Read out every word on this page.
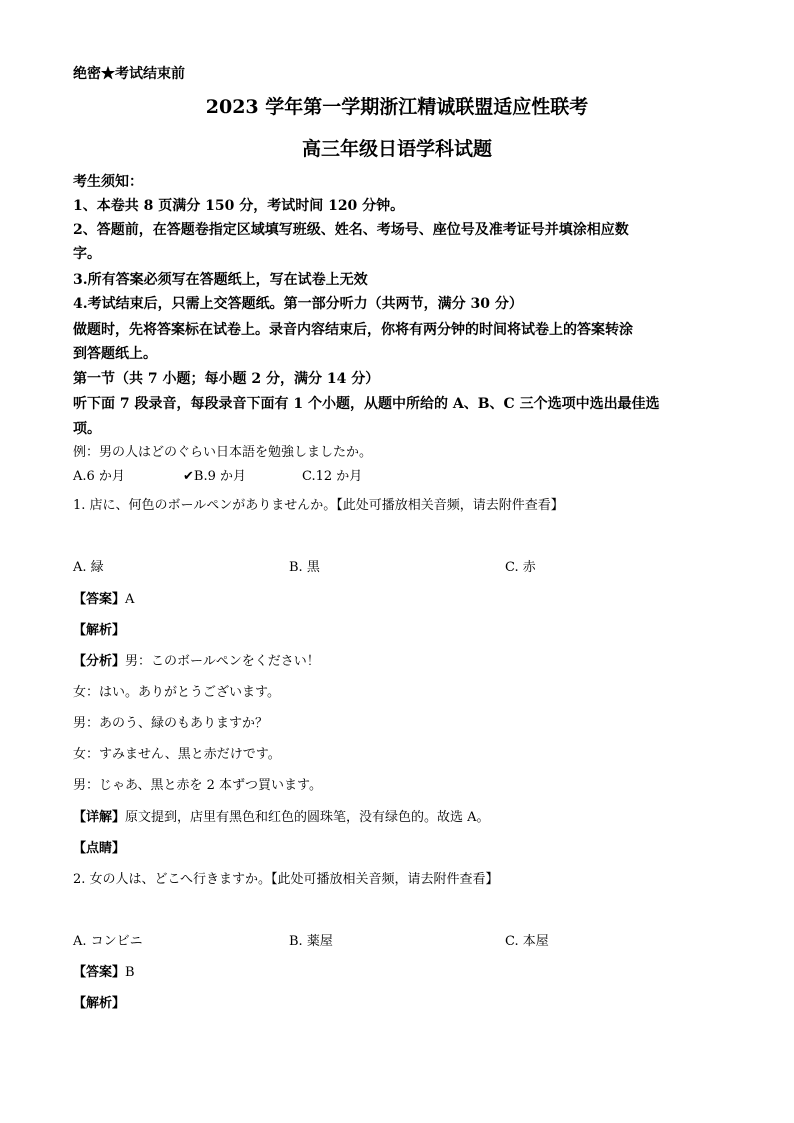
绝密★考试结束前
2023 学年第一学期浙江精诚联盟适应性联考
高三年级日语学科试题
考生须知：
1、本卷共 8 页满分 150 分，考试时间 120 分钟。
2、答题前，在答题卷指定区域填写班级、姓名、考场号、座位号及准考证号并填涂相应数
字。
3.所有答案必须写在答题纸上，写在试卷上无效
4.考试结束后，只需上交答题纸。第一部分听力（共两节，满分 30 分）
做题时，先将答案标在试卷上。录音内容结束后，你将有两分钟的时间将试卷上的答案转涂
到答题纸上。
第一节（共 7 小题；每小题 2 分，满分 14 分）
听下面 7 段录音，每段录音下面有 1 个小题，从题中所给的 A、B、C 三个选项中选出最佳选
项。
例：男の人はどのぐらい日本語を勉強しましたか。
A.6 か月	✔B.9 か月	C.12 か月
1. 店に、何色のボールペンがありませんか。【此处可播放相关音频，请去附件查看】
A. 緑	B. 黒	C. 赤
【答案】A
【解析】
【分析】男：このボールペンをください！
女：はい。ありがとうございます。
男：あのう、緑のもありますか？
女：すみません、黒と赤だけです。
男：じゃあ、黒と赤を 2 本ずつ買います。
【详解】原文提到，店里有黑色和红色的圆珠笔，没有绿色的。故选 A。
【点睛】
2. 女の人は、どこへ行きますか。【此处可播放相关音频，请去附件查看】
A. コンビニ	B. 薬屋	C. 本屋
【答案】B
【解析】
